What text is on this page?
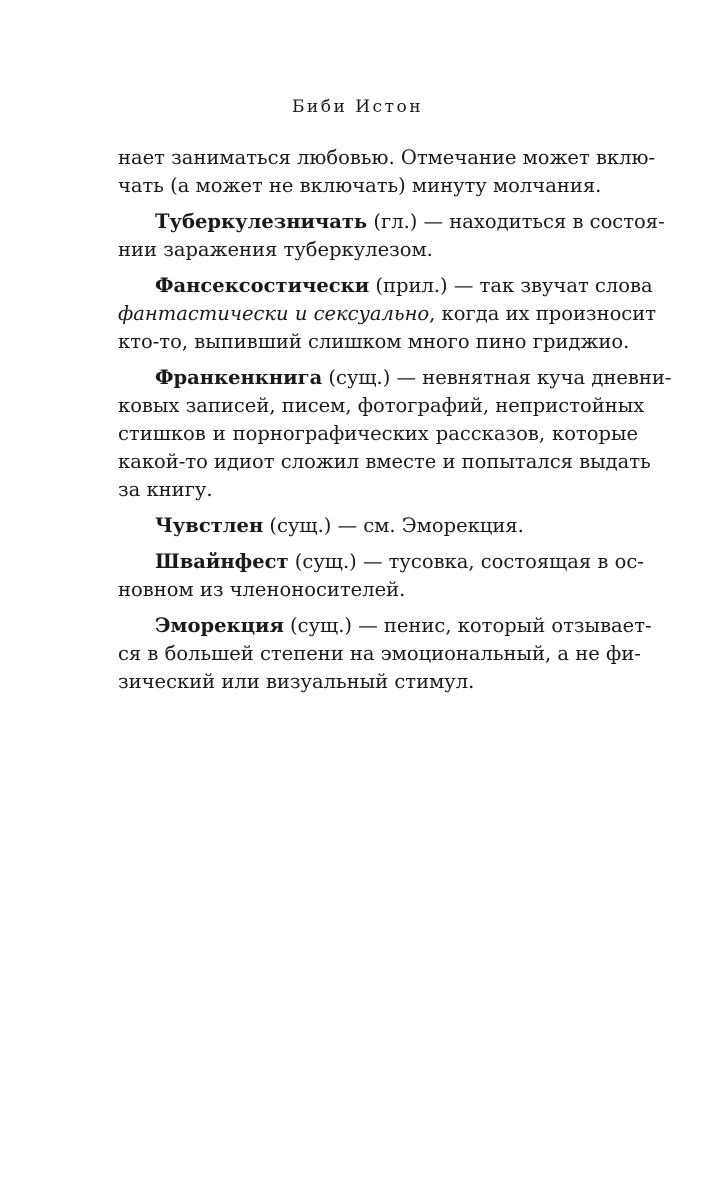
Биби Истон
нает заниматься любовью. Отмечание может вклю-
чать (а может не включать) минуту молчания.
Туберкулезничать (гл.) — находиться в состоя-
нии заражения туберкулезом.
Фансексостически (прил.) — так звучат слова
фантастически и сексуально, когда их произносит
кто-то, выпивший слишком много пино гриджио.
Франкенкнига (сущ.) — невнятная куча дневни-
ковых записей, писем, фотографий, непристойных
стишков и порнографических рассказов, которые
какой-то идиот сложил вместе и попытался выдать
за книгу.
Чувстлен (сущ.) — см. Эморекция.
Швайнфест (сущ.) — тусовка, состоящая в ос-
новном из членоносителей.
Эморекция (сущ.) — пенис, который отзывает-
ся в большей степени на эмоциональный, а не фи-
зический или визуальный стимул.
